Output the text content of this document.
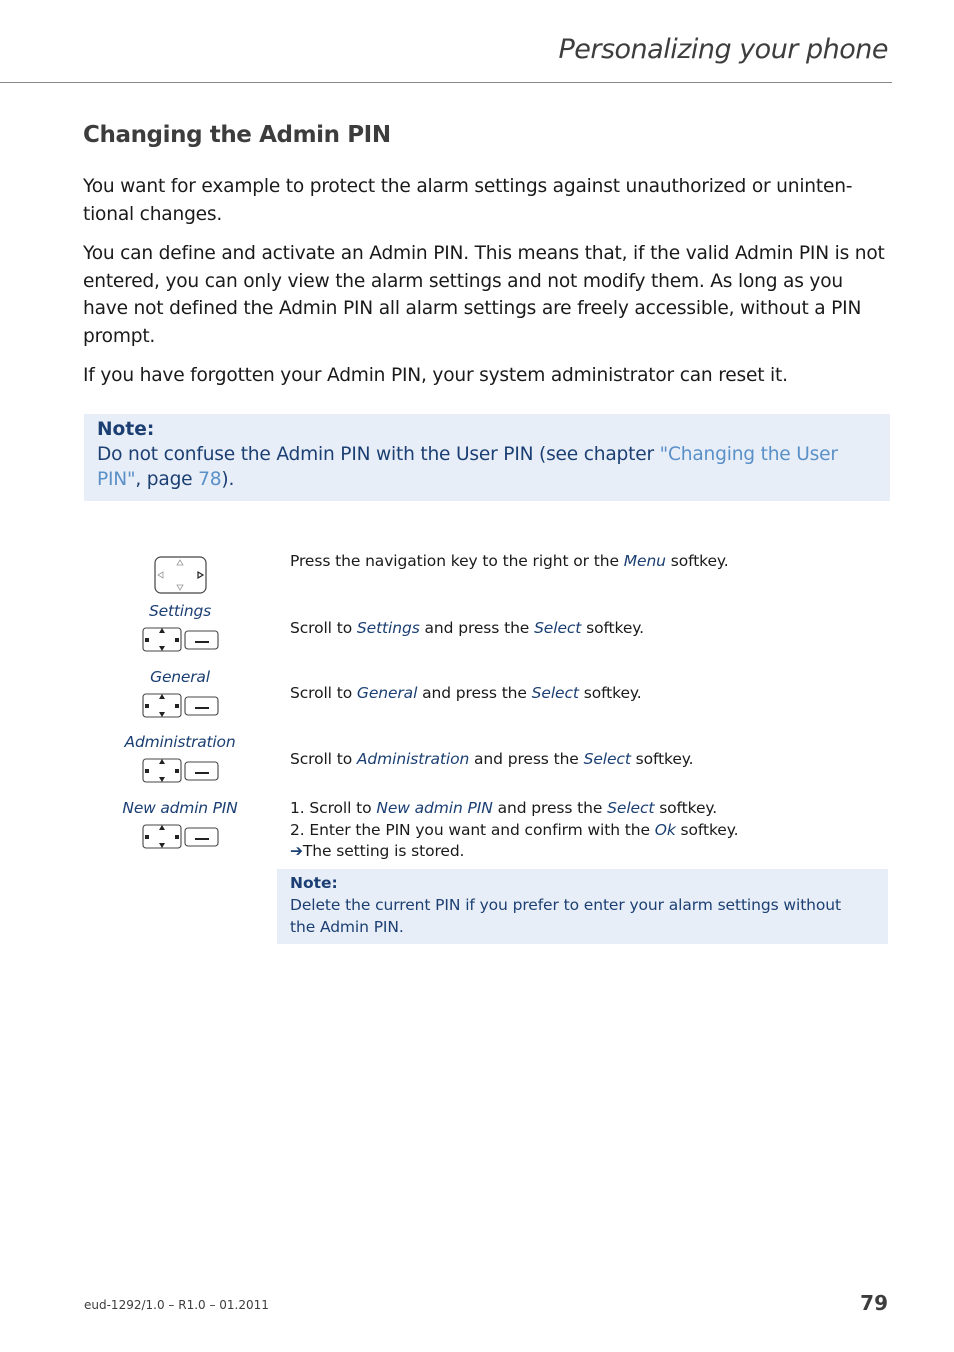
Personalizing your phone
Changing the Admin PIN
You want for example to protect the alarm settings against unauthorized or uninten-
tional changes.
You can define and activate an Admin PIN. This means that, if the valid Admin PIN is not entered, you can only view the alarm settings and not modify them. As long as you have not defined the Admin PIN all alarm settings are freely accessible, without a PIN prompt.
If you have forgotten your Admin PIN, your system administrator can reset it.
Note:
Do not confuse the Admin PIN with the User PIN (see chapter "Changing the User PIN", page 78).
Press the navigation key to the right or the Menu softkey.
Settings
Scroll to Settings and press the Select softkey.
General
Scroll to General and press the Select softkey.
Administration
Scroll to Administration and press the Select softkey.
New admin PIN	1. Scroll to New admin PIN and press the Select softkey.
2. Enter the PIN you want and confirm with the Ok softkey.
➔The setting is stored.
Note:
Delete the current PIN if you prefer to enter your alarm settings without the Admin PIN.
eud-1292/1.0 – R1.0 – 01.2011	79
